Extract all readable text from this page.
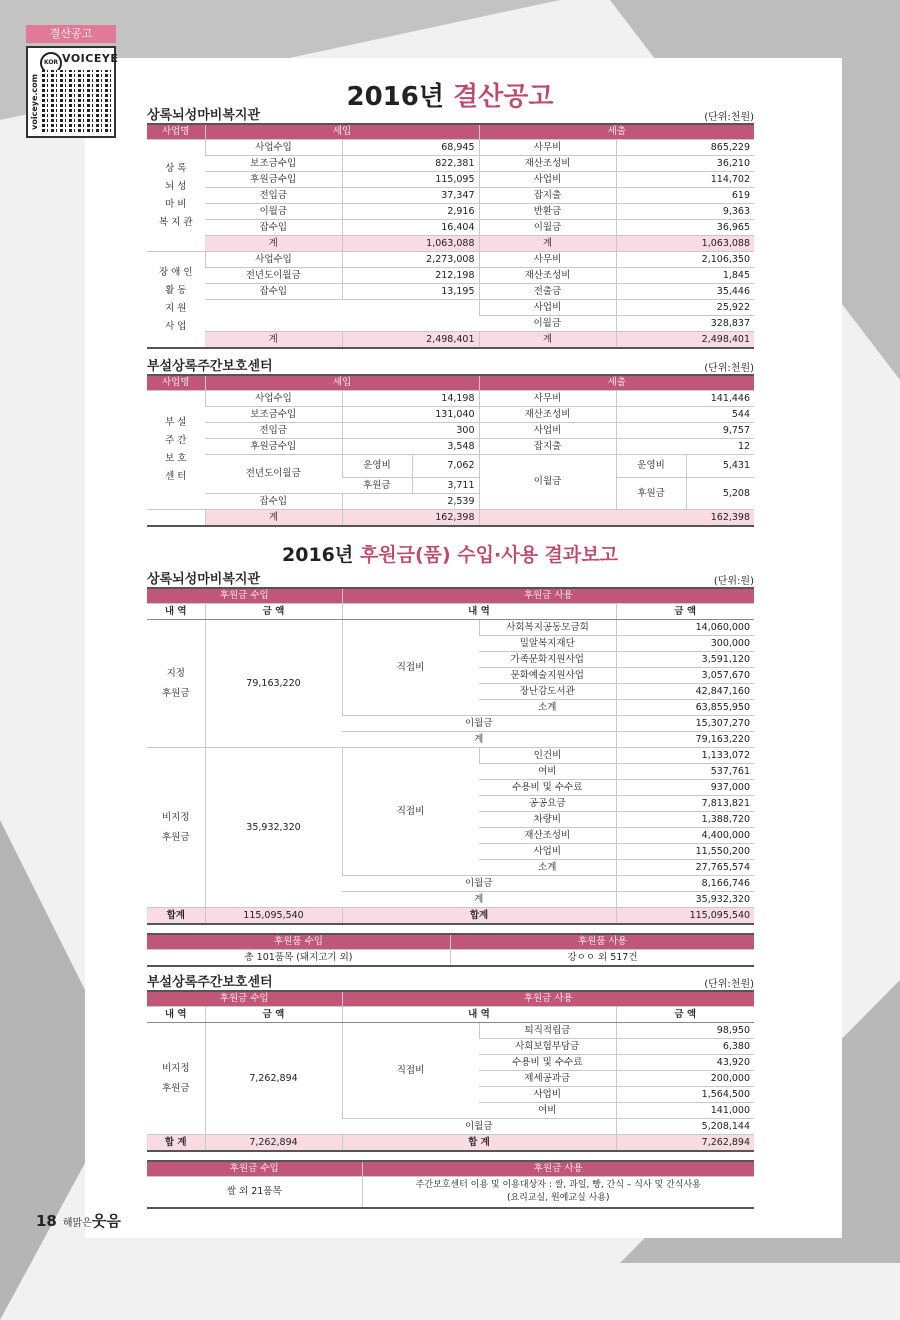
결산공고
KOR VOICEYE
voiceye.com	2016년 결산공고
상록뇌성마비복지관	(단위:천원)
사업명	세입		세출	
상 록
뇌 성
마 비
복 지 관	사업수입	68,945	사무비	865,229
	보조금수입	822,381	재산조성비	36,210
	후원금수입	115,095	사업비	114,702
	전입금	37,347	잡지출	619
	이월금	2,916	반환금	9,363
	잡수입	16,404	이월금	36,965
	계	1,063,088	계	1,063,088
장 애 인
활 동
지 원
사 업	사업수입	2,273,008	사무비	2,106,350
	전년도이월금	212,198	재산조성비	1,845
	잡수입	13,195	전출금	35,446
			사업비	25,922
			이월금	328,837
	계	2,498,401	계	2,498,401
부설상록주간보호센터	(단위:천원)
사업명	세입			세출		
부 설
주 간
보 호
센 터	사업수입	14,198		사무비	141,446	
	보조금수입	131,040		재산조성비	544	
	전입금	300		사업비	9,757	
	후원금수입	3,548		잡지출	12	
	전년도이월금	운영비	7,062	이월금	운영비	5,431
		후원금	3,711		후원금	5,208
	잡수입	2,539				
	계	162,398		162,398		
2016년 후원금(품) 수입·사용 결과보고
상록뇌성마비복지관	(단위:원)
후원금 수입		후원금 사용		
내 역	금 액	내 역		금 액
지정
후원금	79,163,220	직접비	사회복지공동모금회	14,060,000
			밀알복지재단	300,000
			가족문화지원사업	3,591,120
			문화예술지원사업	3,057,670
			장난감도서관	42,847,160
			소계	63,855,950
		이월금		15,307,270
		계		79,163,220
비지정
후원금	35,932,320	직접비	인건비	1,133,072
			여비	537,761
			수용비 및 수수료	937,000
			공공요금	7,813,821
			차량비	1,388,720
			재산조성비	4,400,000
			사업비	11,550,200
			소계	27,765,574
		이월금		8,166,746
		계		35,932,320
합계	115,095,540	합계		115,095,540
후원품 수입	후원품 사용
총 101품목 (돼지고기 외)	강ㅇㅇ 외 517건
부설상록주간보호센터	(단위:천원)
후원금 수입		후원금 사용		
내 역	금 액	내 역		금 액
비지정
후원금	7,262,894	직접비	퇴직적립금	98,950
			사회보험부담금	6,380
			수용비 및 수수료	43,920
			제세공과금	200,000
			사업비	1,564,500
			여비	141,000
		이월금		5,208,144
합 계	7,262,894	합 계		7,262,894
후원금 수입	후원금 사용
쌀 외 21품목	주간보호센터 이용 및 이용대상자 : 쌀, 과일, 빵, 간식 – 식사 및 간식사용
(요리교실, 원예교실 사용)
18 해맑은웃음
